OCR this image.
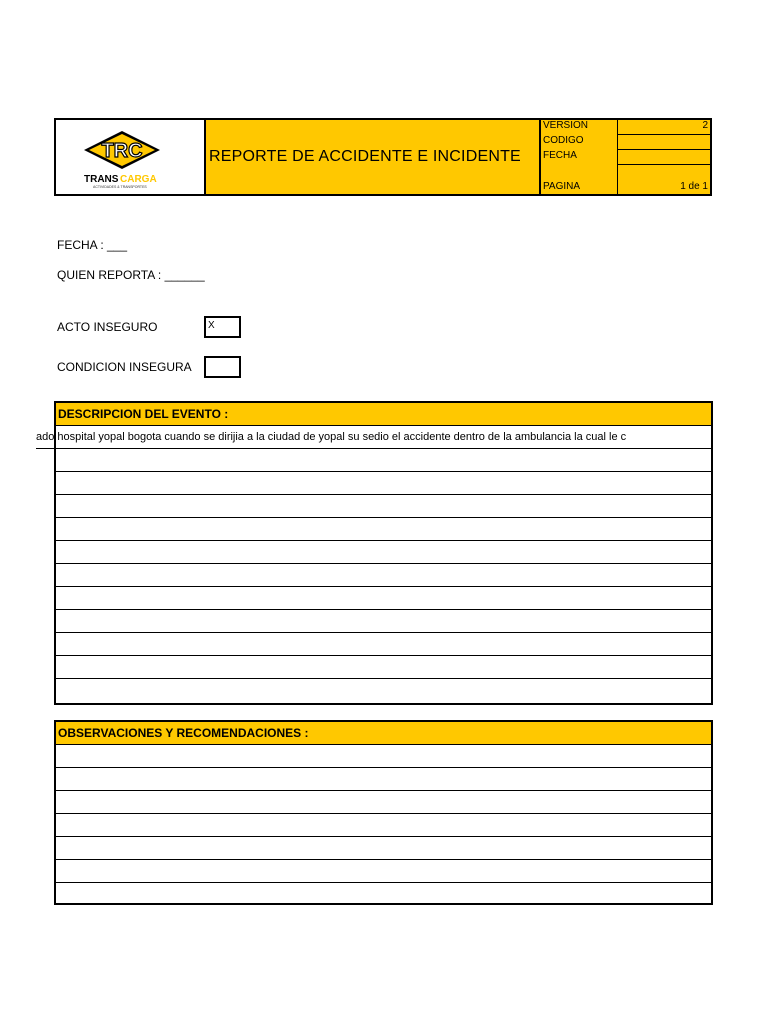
TRC
TRANS CARGA
ACTIVIDADES & TRANSPORTES
REPORTE DE ACCIDENTE E INCIDENTE
VERSION	2
CODIGO
FECHA
PAGINA	1 de 1
FECHA : ___
QUIEN REPORTA : ______
ACTO INSEGURO	X
CONDICION INSEGURA
DESCRIPCION DEL EVENTO :
ado hospital yopal bogota cuando se dirijia a la ciudad de yopal su sedio el accidente dentro de la ambulancia la cual le c
OBSERVACIONES Y RECOMENDACIONES :
